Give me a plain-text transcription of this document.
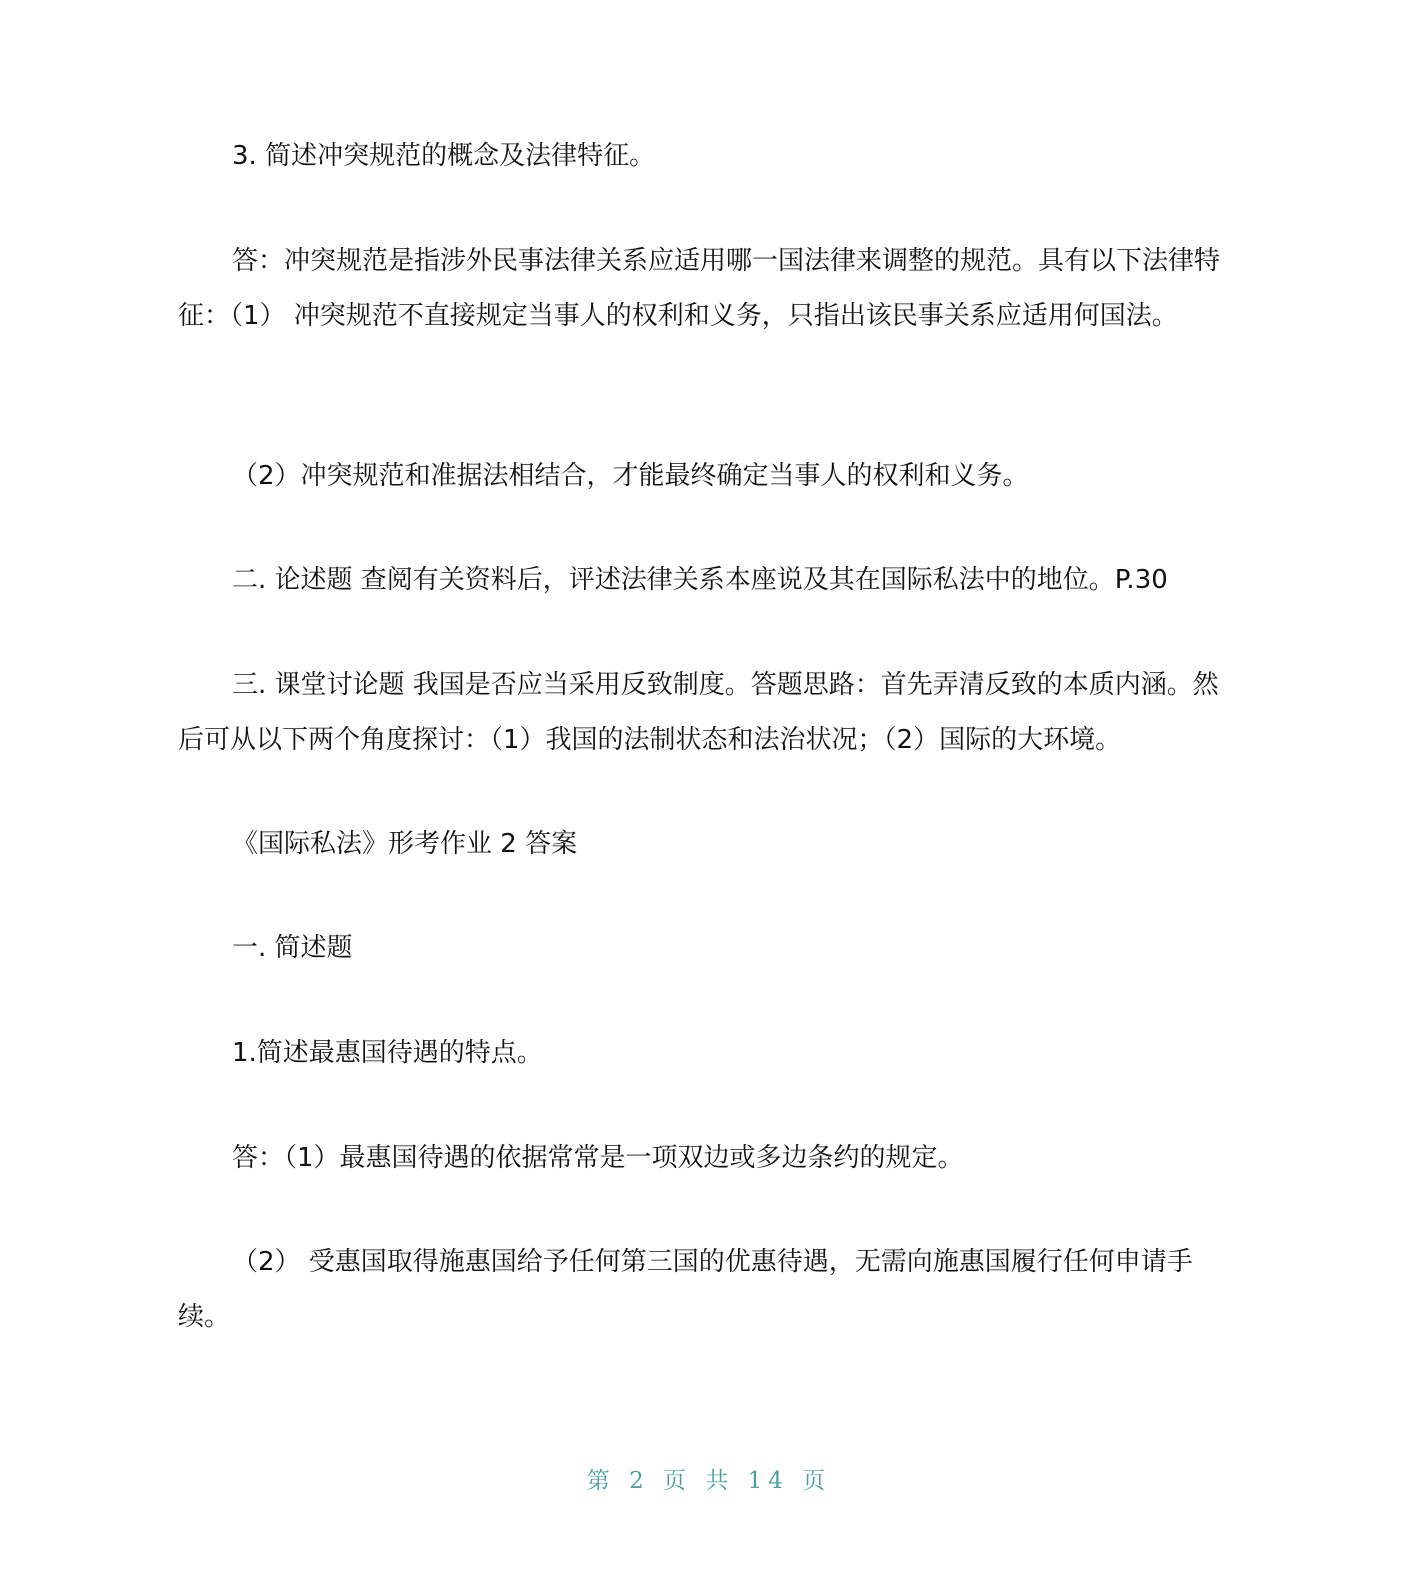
3. 简述冲突规范的概念及法律特征。

答：冲突规范是指涉外民事法律关系应适用哪一国法律来调整的规范。具有以下法律特征：（1） 冲突规范不直接规定当事人的权利和义务，只指出该民事关系应适用何国法。

（2）冲突规范和准据法相结合，才能最终确定当事人的权利和义务。

二. 论述题 查阅有关资料后，评述法律关系本座说及其在国际私法中的地位。P.30

三. 课堂讨论题 我国是否应当采用反致制度。答题思路：首先弄清反致的本质内涵。然后可从以下两个角度探讨：（1）我国的法制状态和法治状况；（2）国际的大环境。

《国际私法》形考作业 2 答案

一. 简述题

1.简述最惠国待遇的特点。

答：（1）最惠国待遇的依据常常是一项双边或多边条约的规定。

（2） 受惠国取得施惠国给予任何第三国的优惠待遇，无需向施惠国履行任何申请手续。

第 2 页 共 14 页
